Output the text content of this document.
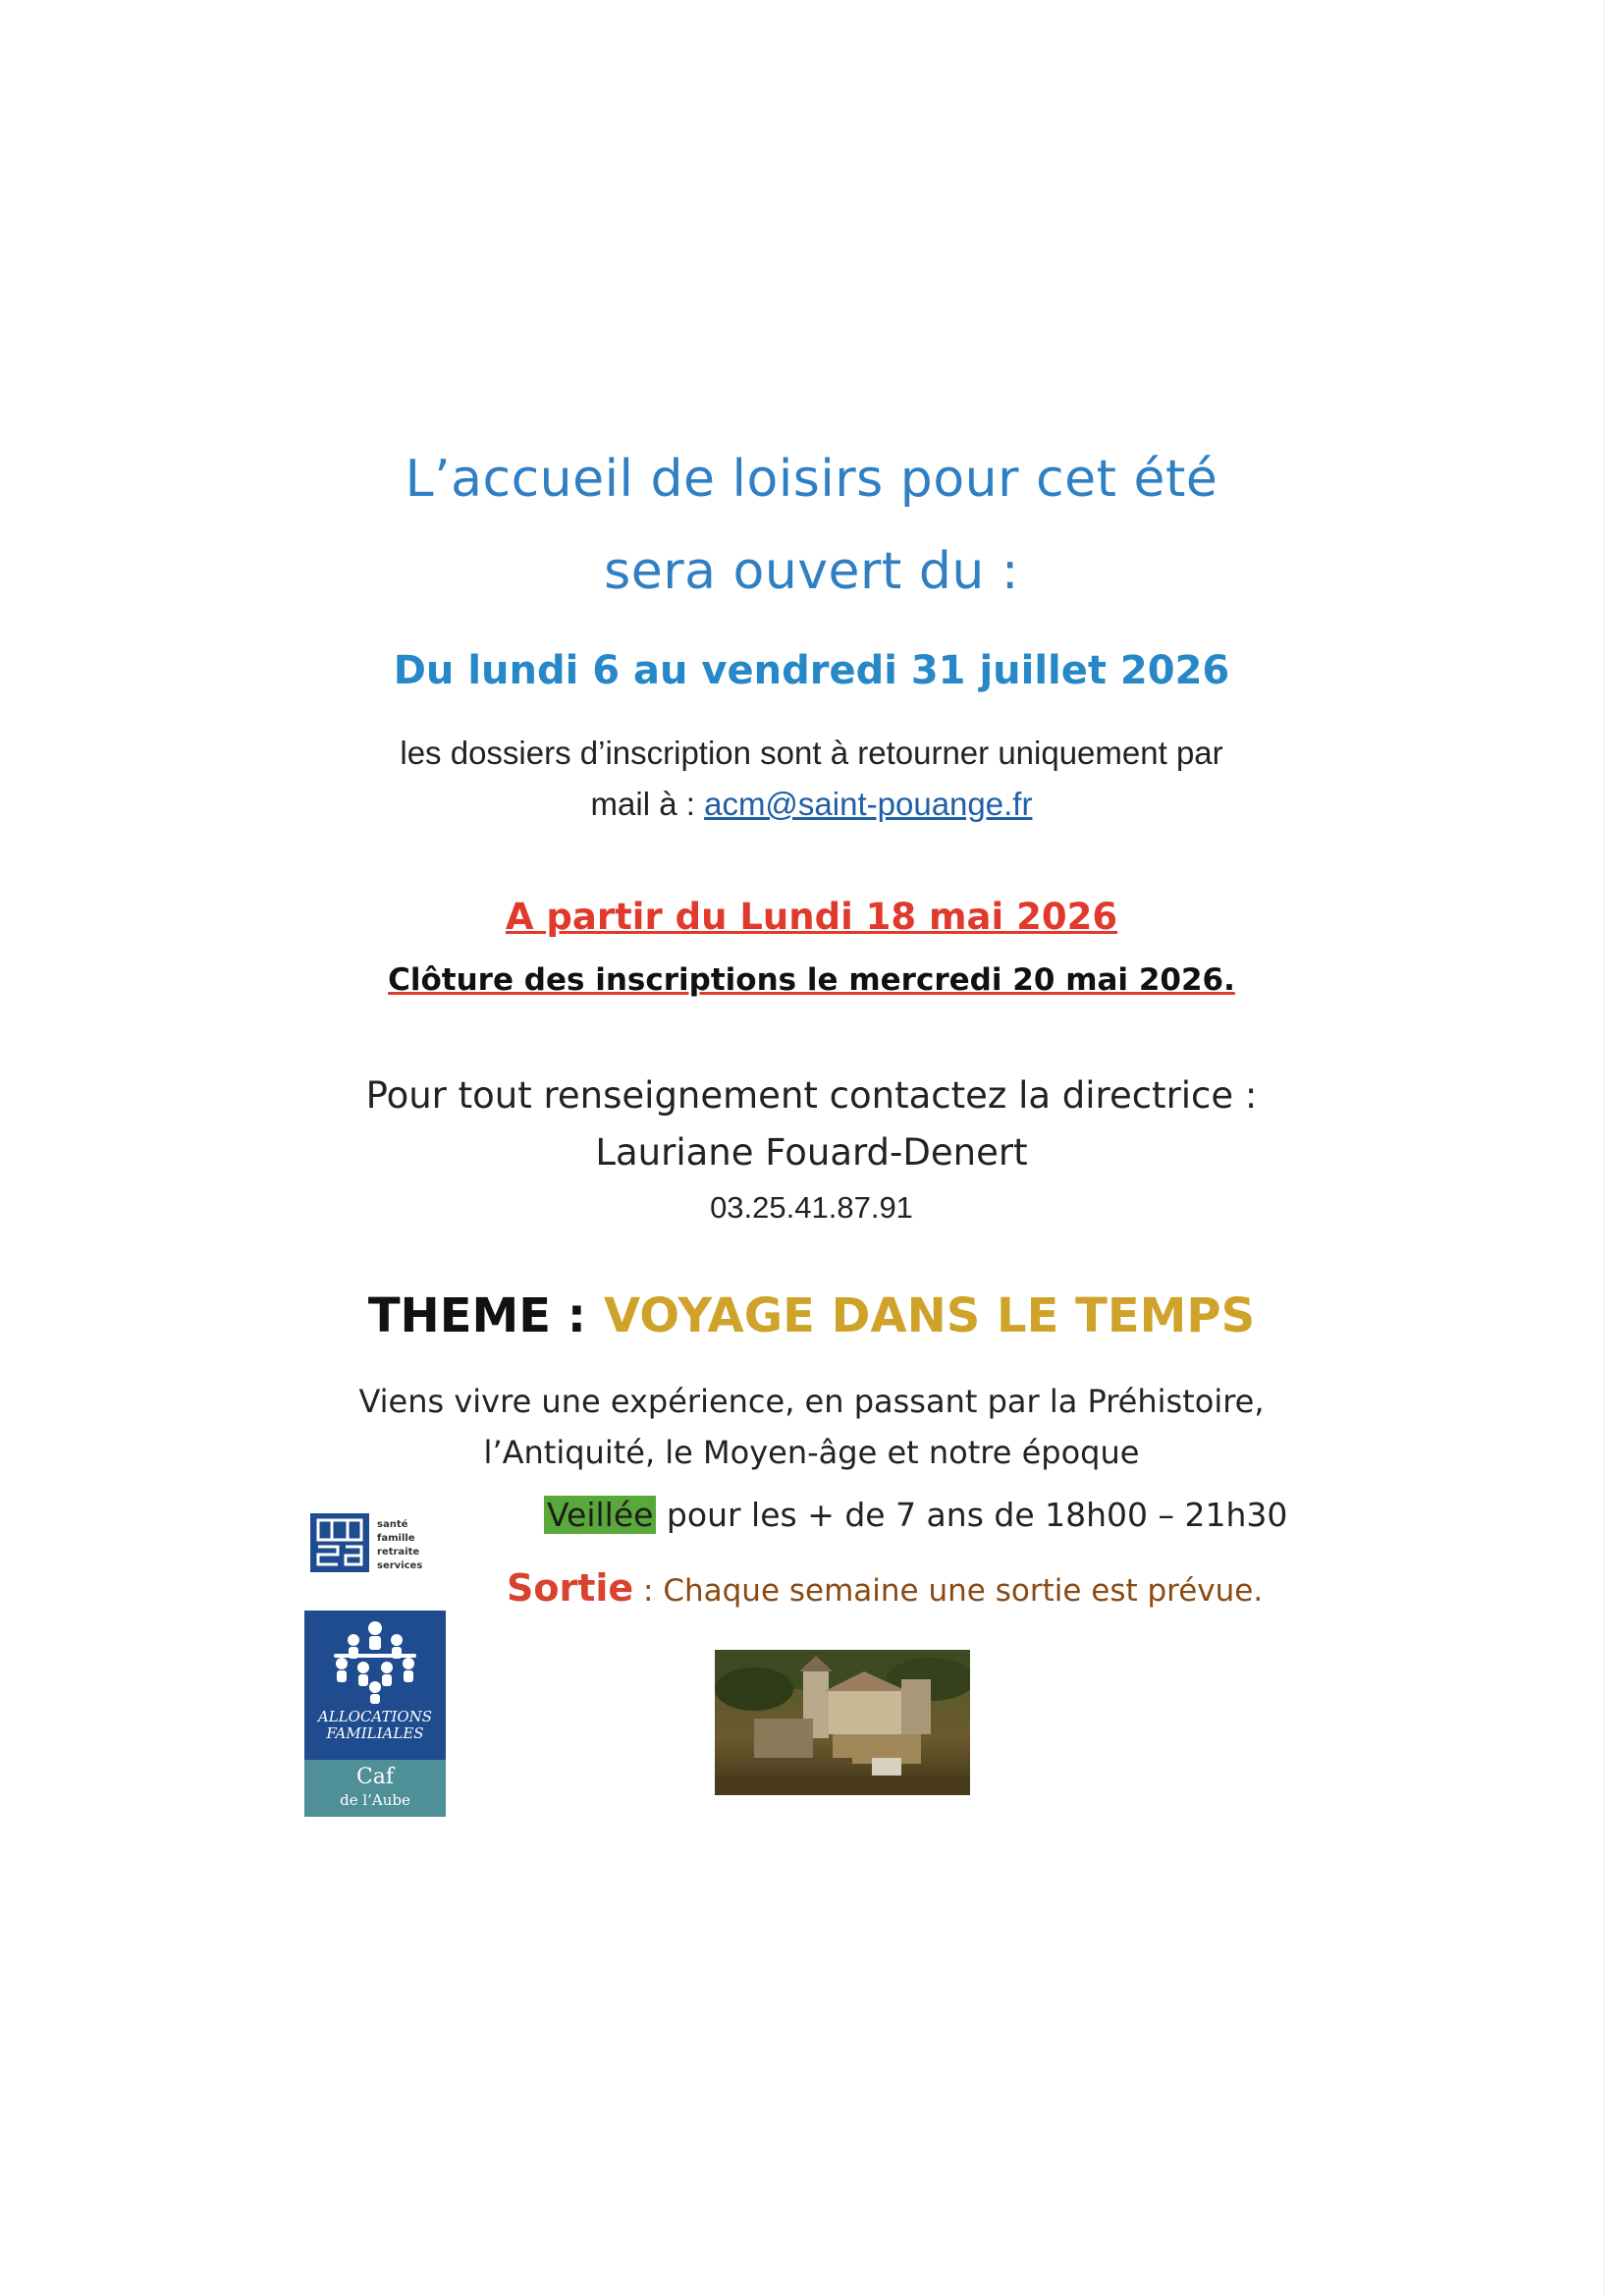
L’accueil de loisirs pour cet été
sera ouvert du :
Du lundi 6 au vendredi 31 juillet 2026
les dossiers d’inscription sont à retourner uniquement par
mail à : acm@saint-pouange.fr
A partir du Lundi 18 mai 2026
Clôture des inscriptions le mercredi 20 mai 2026.
Pour tout renseignement contactez la directrice :
Lauriane Fouard-Denert
03.25.41.87.91
THEME : VOYAGE DANS LE TEMPS
Viens vivre une expérience, en passant par la Préhistoire,
l’Antiquité, le Moyen-âge et notre époque
Veillée pour les + de 7 ans de 18h00 – 21h30
Sortie : Chaque semaine une sortie est prévue.
santé
famille
retraite
services
ALLOCATIONS
FAMILIALES
Caf
de l’Aube
